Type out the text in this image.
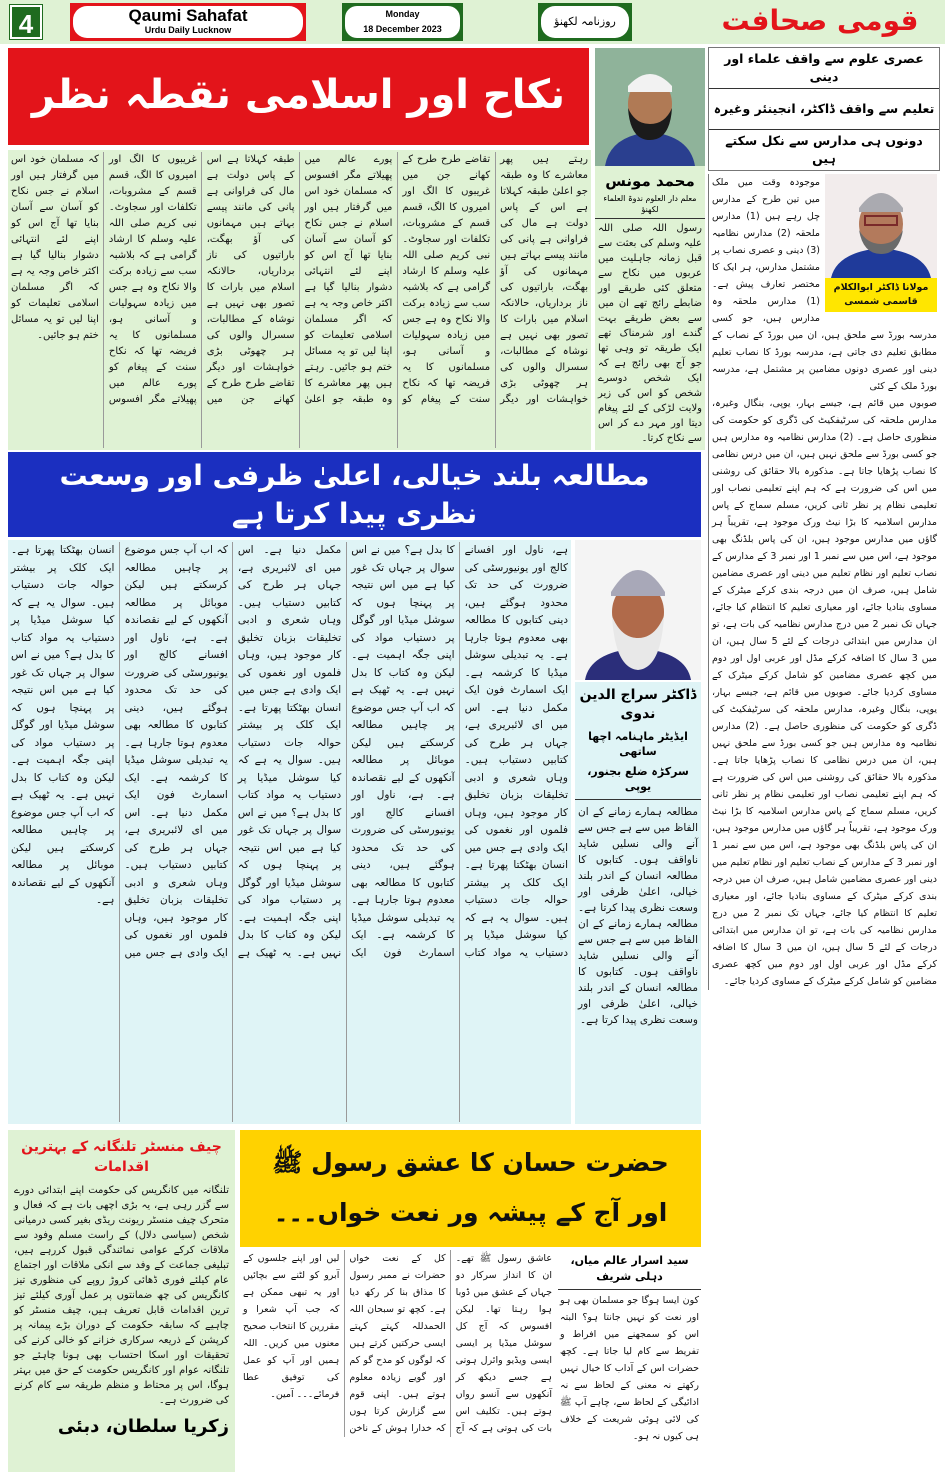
4	Qaumi Sahafat
Urdu Daily Lucknow
Monday
18 December 2023
روزنامہ لکھنؤ	قومی صحافت
نکاح اور اسلامی نقطہ نظر
محمد مونس
معلم دار العلوم ندوۃ العلماء لکھنؤ
رسول اللہ صلی اللہ علیہ وسلم کی بعثت سے قبل زمانہ جاہلیت میں عربوں میں نکاح سے متعلق کئی طریقے اور ضابطے رائج تھے ان میں سے بعض طریقے بہت گندے اور شرمناک تھے ایک طریقہ تو وہی تھا جو آج بھی رائج ہے کہ ایک شخص دوسرے شخص کو اس کی زیر ولایت لڑکی کے لئے پیغام دیتا اور مہر دے کر اس سے نکاح کرتا۔
رہتے ہیں پھر معاشرے کا وہ طبقہ جو اعلیٰ طبقہ کہلاتا ہے اس کے پاس دولت ہے مال کی فراوانی ہے پانی کی مانند پیسے بہاتے ہیں مہمانوں کی آؤ بھگت، باراتیوں کی ناز برداریاں، حالانکہ اسلام میں بارات کا تصور بھی نہیں ہے نوشاہ کے مطالبات، سسرال والوں کی ہر چھوٹی بڑی خواہشات اور دیگر تقاضے طرح طرح کے کھانے جن میں غریبوں کا الگ اور امیروں کا الگ، قسم قسم کے مشروبات، تکلفات اور سجاوٹ۔ نبی کریم صلی اللہ علیہ وسلم کا ارشاد گرامی ہے کہ بلاشبہ سب سے زیادہ برکت والا نکاح وہ ہے جس میں زیادہ سہولیات و آسانی ہو، مسلمانوں کا یہ فریضہ تھا کہ نکاح سنت کے پیغام کو پورے عالم میں پھیلاتے مگر افسوس کہ مسلمان خود اس میں گرفتار ہیں اور اسلام نے جس نکاح کو آسان سے آسان بنایا تھا آج اس کو اپنے لئے انتہائی دشوار بنالیا گیا ہے اکثر خاص وجہ یہ ہے کہ اگر مسلمان اسلامی تعلیمات کو اپنا لیں تو یہ مسائل ختم ہو جائیں۔ رہتے ہیں پھر معاشرے کا وہ طبقہ جو اعلیٰ طبقہ کہلاتا ہے اس کے پاس دولت ہے مال کی فراوانی ہے پانی کی مانند پیسے بہاتے ہیں مہمانوں کی آؤ بھگت، باراتیوں کی ناز برداریاں، حالانکہ اسلام میں بارات کا تصور بھی نہیں ہے نوشاہ کے مطالبات، سسرال والوں کی ہر چھوٹی بڑی خواہشات اور دیگر تقاضے طرح طرح کے کھانے جن میں غریبوں کا الگ اور امیروں کا الگ، قسم قسم کے مشروبات، تکلفات اور سجاوٹ۔ نبی کریم صلی اللہ علیہ وسلم کا ارشاد گرامی ہے کہ بلاشبہ سب سے زیادہ برکت والا نکاح وہ ہے جس میں زیادہ سہولیات و آسانی ہو، مسلمانوں کا یہ فریضہ تھا کہ نکاح سنت کے پیغام کو پورے عالم میں پھیلاتے مگر افسوس کہ مسلمان خود اس میں گرفتار ہیں اور اسلام نے جس نکاح کو آسان سے آسان بنایا تھا آج اس کو اپنے لئے انتہائی دشوار بنالیا گیا ہے اکثر خاص وجہ یہ ہے کہ اگر مسلمان اسلامی تعلیمات کو اپنا لیں تو یہ مسائل ختم ہو جائیں۔
مطالعہ بلند خیالی، اعلیٰ ظرفی اور وسعت نظری پیدا کرتا ہے
ہے، ناول اور افسانے کالج اور یونیورسٹی کی ضرورت کی حد تک محدود ہوگئے ہیں، دینی کتابوں کا مطالعہ بھی معدوم ہوتا جارہا ہے۔ یہ تبدیلی سوشل میڈیا کا کرشمہ ہے۔ ایک اسمارٹ فون ایک مکمل دنیا ہے۔ اس میں ای لائبریری ہے، جہاں ہر طرح کی کتابیں دستیاب ہیں۔ وہاں شعری و ادبی تخلیقات بزبان تخلیق کار موجود ہیں، وہاں فلموں اور نغموں کی ایک وادی ہے جس میں انسان بھٹکتا پھرتا ہے۔ ایک کلک پر بیشتر حوالہ جات دستیاب ہیں۔ سوال یہ ہے کہ کیا سوشل میڈیا پر دستیاب یہ مواد کتاب کا بدل ہے؟ میں نے اس سوال پر جہاں تک غور کیا ہے میں اس نتیجہ پر پہنچا ہوں کہ سوشل میڈیا اور گوگل پر دستیاب مواد کی اپنی جگہ اہمیت ہے۔ لیکن وہ کتاب کا بدل نہیں ہے۔ یہ ٹھیک ہے کہ اب آپ جس موضوع پر چاہیں مطالعہ کرسکتے ہیں لیکن موبائل پر مطالعہ آنکھوں کے لیے نقصاندہ ہے۔ ہے، ناول اور افسانے کالج اور یونیورسٹی کی ضرورت کی حد تک محدود ہوگئے ہیں، دینی کتابوں کا مطالعہ بھی معدوم ہوتا جارہا ہے۔ یہ تبدیلی سوشل میڈیا کا کرشمہ ہے۔ ایک اسمارٹ فون ایک مکمل دنیا ہے۔ اس میں ای لائبریری ہے، جہاں ہر طرح کی کتابیں دستیاب ہیں۔ وہاں شعری و ادبی تخلیقات بزبان تخلیق کار موجود ہیں، وہاں فلموں اور نغموں کی ایک وادی ہے جس میں انسان بھٹکتا پھرتا ہے۔ ایک کلک پر بیشتر حوالہ جات دستیاب ہیں۔ سوال یہ ہے کہ کیا سوشل میڈیا پر دستیاب یہ مواد کتاب کا بدل ہے؟ میں نے اس سوال پر جہاں تک غور کیا ہے میں اس نتیجہ پر پہنچا ہوں کہ سوشل میڈیا اور گوگل پر دستیاب مواد کی اپنی جگہ اہمیت ہے۔ لیکن وہ کتاب کا بدل نہیں ہے۔ یہ ٹھیک ہے کہ اب آپ جس موضوع پر چاہیں مطالعہ کرسکتے ہیں لیکن موبائل پر مطالعہ آنکھوں کے لیے نقصاندہ ہے۔ ہے، ناول اور افسانے کالج اور یونیورسٹی کی ضرورت کی حد تک محدود ہوگئے ہیں، دینی کتابوں کا مطالعہ بھی معدوم ہوتا جارہا ہے۔ یہ تبدیلی سوشل میڈیا کا کرشمہ ہے۔ ایک اسمارٹ فون ایک مکمل دنیا ہے۔ اس میں ای لائبریری ہے، جہاں ہر طرح کی کتابیں دستیاب ہیں۔ وہاں شعری و ادبی تخلیقات بزبان تخلیق کار موجود ہیں، وہاں فلموں اور نغموں کی ایک وادی ہے جس میں انسان بھٹکتا پھرتا ہے۔ ایک کلک پر بیشتر حوالہ جات دستیاب ہیں۔ سوال یہ ہے کہ کیا سوشل میڈیا پر دستیاب یہ مواد کتاب کا بدل ہے؟ میں نے اس سوال پر جہاں تک غور کیا ہے میں اس نتیجہ پر پہنچا ہوں کہ سوشل میڈیا اور گوگل پر دستیاب مواد کی اپنی جگہ اہمیت ہے۔ لیکن وہ کتاب کا بدل نہیں ہے۔ یہ ٹھیک ہے کہ اب آپ جس موضوع پر چاہیں مطالعہ کرسکتے ہیں لیکن موبائل پر مطالعہ آنکھوں کے لیے نقصاندہ ہے۔
ڈاکٹر سراج الدین ندوی
ایڈیٹر ماہنامہ اچھا ساتھی
سرکڑہ ضلع بجنور، یوپی
مطالعہ ہمارے زمانے کے ان الفاظ میں سے ہے جس سے آنے والی نسلیں شاید ناواقف ہوں۔ کتابوں کا مطالعہ انسان کے اندر بلند خیالی، اعلیٰ ظرفی اور وسعت نظری پیدا کرتا ہے۔ مطالعہ ہمارے زمانے کے ان الفاظ میں سے ہے جس سے آنے والی نسلیں شاید ناواقف ہوں۔ کتابوں کا مطالعہ انسان کے اندر بلند خیالی، اعلیٰ ظرفی اور وسعت نظری پیدا کرتا ہے۔
عصری علوم سے واقف علماء اور دینی
تعلیم سے واقف ڈاکٹر، انجینئر وغیرہ
دونوں ہی مدارس سے نکل سکتے ہیں
مولانا ڈاکٹر ابوالکلام قاسمی شمسی

موجودہ وقت میں ملک میں تین طرح کے مدارس چل رہے ہیں (1) مدارس ملحقہ (2) مدارس نظامیہ (3) دینی و عصری نصاب پر مشتمل مدارس، ہر ایک کا مختصر تعارف پیش ہے۔ (1) مدارس ملحقہ وہ مدارس ہیں، جو کسی مدرسہ بورڈ سے ملحق ہیں، ان میں بورڈ کے نصاب کے مطابق تعلیم دی جاتی ہے، مدرسہ بورڈ کا نصاب تعلیم دینی اور عصری دونوں مضامین پر مشتمل ہے، مدرسہ بورڈ ملک کے کئی

صوبوں میں قائم ہے، جیسے بہار، یوپی، بنگال وغیرہ، مدارس ملحقہ کی سرٹیفکیٹ کی ڈگری کو حکومت کی منظوری حاصل ہے۔ (2) مدارس نظامیہ وہ مدارس ہیں جو کسی بورڈ سے ملحق نہیں ہیں، ان میں درس نظامی کا نصاب پڑھایا جاتا ہے۔ مذکورہ بالا حقائق کی روشنی میں اس کی ضرورت ہے کہ ہم اپنے تعلیمی نصاب اور تعلیمی نظام پر نظر ثانی کریں، مسلم سماج کے پاس مدارس اسلامیہ کا بڑا نیٹ ورک موجود ہے، تقریباً ہر گاؤں میں مدارس موجود ہیں، ان کی پاس بلڈنگ بھی موجود ہے، اس میں سے نمبر 1 اور نمبر 3 کے مدارس کے نصاب تعلیم اور نظام تعلیم میں دینی اور عصری مضامین شامل ہیں، صرف ان میں درجہ بندی کرکے میٹرک کے مساوی بنادیا جائے، اور معیاری تعلیم کا انتظام کیا جائے، جہاں تک نمبر 2 میں درج مدارس نظامیہ کی بات ہے، تو ان مدارس میں ابتدائی درجات کے لئے 5 سال ہیں، ان میں 3 سال کا اضافہ کرکے مڈل اور عربی اول اور دوم میں کچھ عصری مضامین کو شامل کرکے میٹرک کے مساوی کردیا جائے۔ صوبوں میں قائم ہے، جیسے بہار، یوپی، بنگال وغیرہ، مدارس ملحقہ کی سرٹیفکیٹ کی ڈگری کو حکومت کی منظوری حاصل ہے۔ (2) مدارس نظامیہ وہ مدارس ہیں جو کسی بورڈ سے ملحق نہیں ہیں، ان میں درس نظامی کا نصاب پڑھایا جاتا ہے۔ مذکورہ بالا حقائق کی روشنی میں اس کی ضرورت ہے کہ ہم اپنے تعلیمی نصاب اور تعلیمی نظام پر نظر ثانی کریں، مسلم سماج کے پاس مدارس اسلامیہ کا بڑا نیٹ ورک موجود ہے، تقریباً ہر گاؤں میں مدارس موجود ہیں، ان کی پاس بلڈنگ بھی موجود ہے، اس میں سے نمبر 1 اور نمبر 3 کے مدارس کے نصاب تعلیم اور نظام تعلیم میں دینی اور عصری مضامین شامل ہیں، صرف ان میں درجہ بندی کرکے میٹرک کے مساوی بنادیا جائے، اور معیاری تعلیم کا انتظام کیا جائے، جہاں تک نمبر 2 میں درج مدارس نظامیہ کی بات ہے، تو ان مدارس میں ابتدائی درجات کے لئے 5 سال ہیں، ان میں 3 سال کا اضافہ کرکے مڈل اور عربی اول اور دوم میں کچھ عصری مضامین کو شامل کرکے میٹرک کے مساوی کردیا جائے۔

چیف منسٹر تلنگانہ کے بہترین اقدامات
تلنگانہ میں کانگریس کی حکومت اپنے ابتدائی دورے سے گزر رہی ہے، یہ بڑی اچھی بات ہے کہ فعال و متحرک چیف منسٹر ریونت ریڈی بغیر کسی درمیانی شخص (سیاسی دلال) کے راست مسلم وفود سے ملاقات کرکے عوامی نمائندگی قبول کررہے ہیں، تبلیغی جماعت کے وفد سے انکی ملاقات اور اجتماع عام کیلئے فوری ڈھائی کروڑ روپے کی منظوری تیز کانگریس کی چھ ضمانتوں پر عمل آوری کیلئے تیز ترین اقدامات قابل تعریف ہیں، چیف منسٹر کو چاہیے کہ سابقہ حکومت کے دوران بڑے پیمانہ پر کرپشن کے ذریعہ سرکاری خزانے کو خالی کرنے کی تحقیقات اور اسکا احتساب بھی ہونا چاہئے جو تلنگانہ عوام اور کانگریس حکومت کے حق میں بہتر ہوگا، اس پر محتاط و منظم طریقہ سے کام کرنے کی ضرورت ہے۔
زکریا سلطان، دبئی
حضرت حسان کا عشق رسول ﷺ
اور آج کے پیشہ ور نعت خواں۔۔۔
عاشق رسول ﷺ تھے۔ ان کا انداز سرکار دو جہاں کے عشق میں ڈوبا ہوا رہتا تھا۔ لیکن افسوس کہ آج کل سوشل میڈیا پر ایسی ایسی ویڈیو وائرل ہوتی ہے جسے دیکھ کر آنکھوں سے آنسو رواں ہوتے ہیں۔ تکلیف اس بات کی ہوتی ہے کہ آج کل کے نعت خواں حضرات نے ممبر رسول کا مذاق بنا کر رکھ دیا ہے۔ کچھ تو سبحان اللہ الحمدللہ کہتے کہتے ایسی حرکتیں کرتے ہیں کہ لوگوں کو مدح گو کم اور گویے زیادہ معلوم ہوتے ہیں۔ اپنی قوم سے گزارش کرتا ہوں کہ خدارا ہوش کے ناخن لیں اور اپنے جلسوں کے آبرو کو لٹنے سے بچائیں اور یہ تبھی ممکن ہے کہ جب آپ شعرا و مقررین کا انتخاب صحیح معنوں میں کریں۔ اللہ ہمیں اور آپ کو عمل کی توفیق عطا فرمائے۔۔۔ آمین۔
سید اسرار عالم میاں، دہلی شریف
کون ایسا ہوگا جو مسلمان بھی ہو اور نعت کو نہیں جانتا ہو؟ البتہ اس کو سمجھنے میں افراط و تفریط سے کام لیا جاتا ہے۔ کچھ حضرات اس کے آداب کا خیال نہیں رکھتے نہ معنی کے لحاظ سے نہ ادائیگی کے لحاظ سے، چاہے آپ ﷺ کی لائی ہوئی شریعت کے خلاف ہی کیوں نہ ہو۔
